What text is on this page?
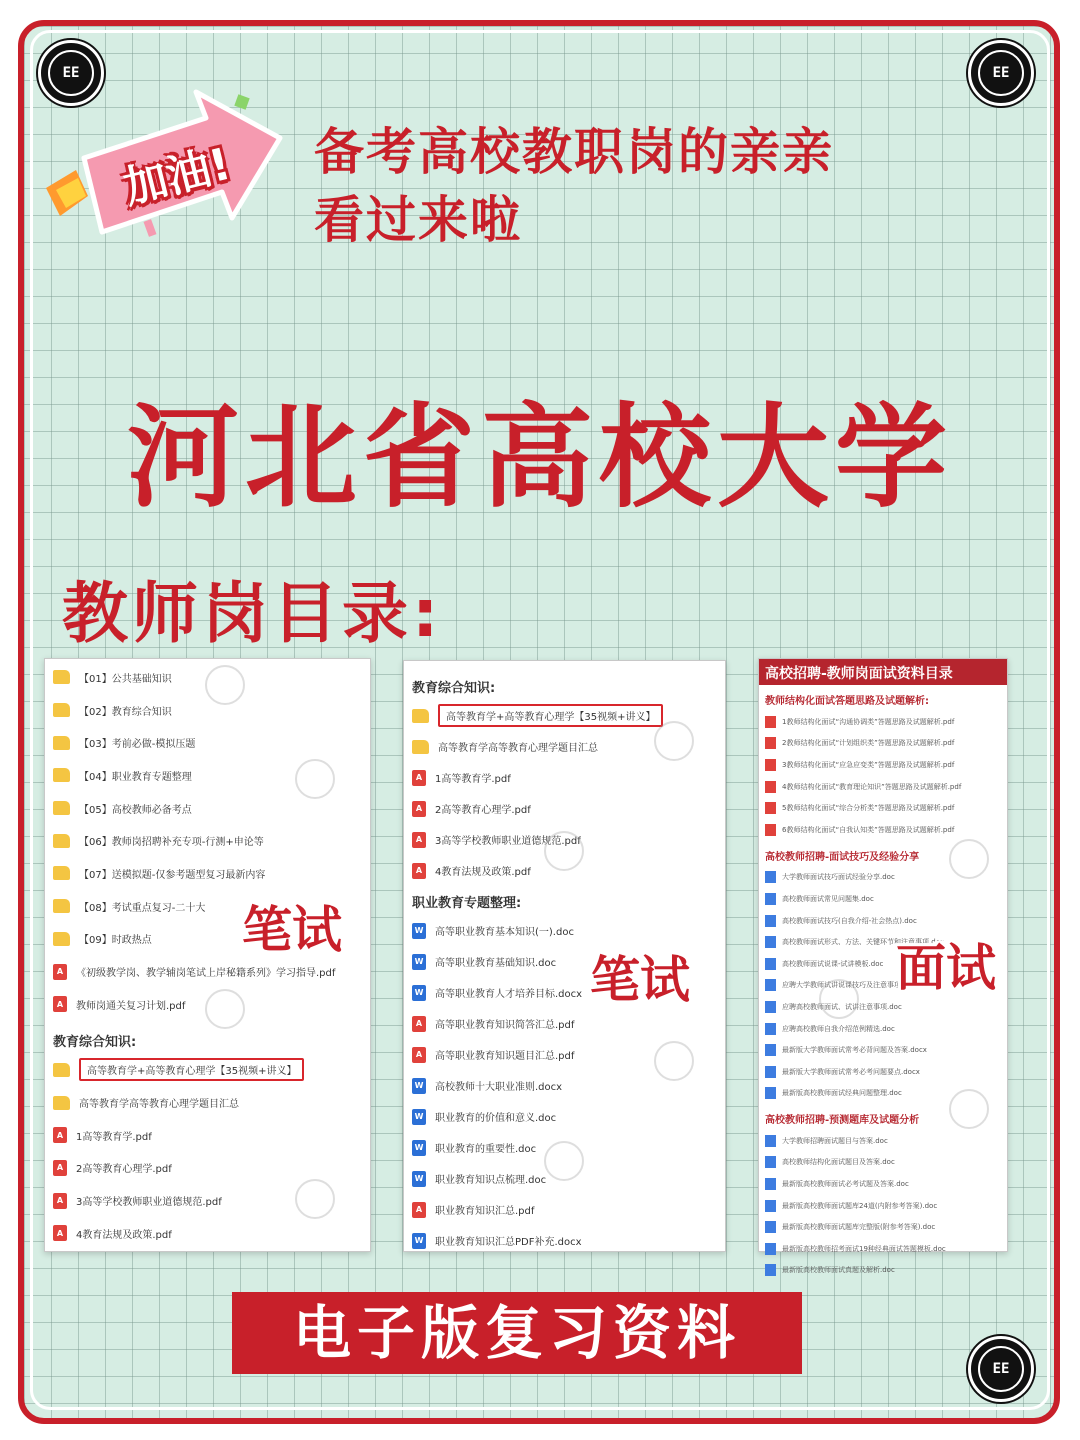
EE	EE
EE
加油! 备考高校教职岗的亲亲
看过来啦
河北省高校大学
教师岗目录:
【01】公共基础知识
【02】教育综合知识
【03】考前必做-模拟压题
【04】职业教育专题整理
【05】高校教师必备考点
【06】教师岗招聘补充专项-行测+申论等
【07】送模拟题-仅参考题型复习最新内容
【08】考试重点复习-二十大
【09】时政热点
A	《初级教学岗、教学辅岗笔试上岸秘籍系列》学习指导.pdf
A	教师岗通关复习计划.pdf
教育综合知识:
高等教育学+高等教育心理学【35视频+讲义】
高等教育学高等教育心理学题目汇总
A	1高等教育学.pdf
A	2高等教育心理学.pdf
A	3高等学校教师职业道德规范.pdf
A	4教育法规及政策.pdf
笔试
教育综合知识:
高等教育学+高等教育心理学【35视频+讲义】
高等教育学高等教育心理学题目汇总
A	1高等教育学.pdf
A	2高等教育心理学.pdf
A	3高等学校教师职业道德规范.pdf
A	4教育法规及政策.pdf
职业教育专题整理:
W 高等职业教育基本知识(一).doc
W 高等职业教育基础知识.doc
W 高等职业教育人才培养目标.docx
A	高等职业教育知识简答汇总.pdf
A	高等职业教育知识题目汇总.pdf
W 高校教师十大职业准则.docx
W 职业教育的价值和意义.doc
W 职业教育的重要性.doc
W 职业教育知识点梳理.doc
A	职业教育知识汇总.pdf
W 职业教育知识汇总PDF补充.docx
笔试
高校招聘-教师岗面试资料目录
教师结构化面试答题思路及试题解析:
1教师结构化面试“沟通协调类”答题思路及试题解析.pdf
2教师结构化面试“计划组织类”答题思路及试题解析.pdf
3教师结构化面试“应急应变类”答题思路及试题解析.pdf
4教师结构化面试“教育理论知识”答题思路及试题解析.pdf
5教师结构化面试“综合分析类”答题思路及试题解析.pdf
6教师结构化面试“自我认知类”答题思路及试题解析.pdf
高校教师招聘-面试技巧及经验分享
大学教师面试技巧面试经验分享.doc
高校教师面试常见问题集.doc
高校教师面试技巧(自我介绍-社会热点).doc
高校教师面试形式、方法、关键环节和注意事项.doc
高校教师面试说课-试讲模板.doc
应聘大学教师试讲说课技巧及注意事项.doc
应聘高校教师面试、试讲注意事项.doc
应聘高校教师自我介绍范例精选.doc
最新版大学教师面试常考必背问题及答案.docx
最新版大学教师面试常考必考问题要点.docx
最新版高校教师面试经典问题整理.doc
高校教师招聘-预测题库及试题分析
大学教师招聘面试题目与答案.doc
高校教师结构化面试题目及答案.doc
最新版高校教师面试必考试题及答案.doc
最新版高校教师面试题库24道(内附参考答案).doc
最新版高校教师面试题库完整版(附参考答案).doc
最新版高校教师招考面试19种经典面试答题模板.doc
最新版高校教师面试真题及解析.doc
面试
电子版复习资料
